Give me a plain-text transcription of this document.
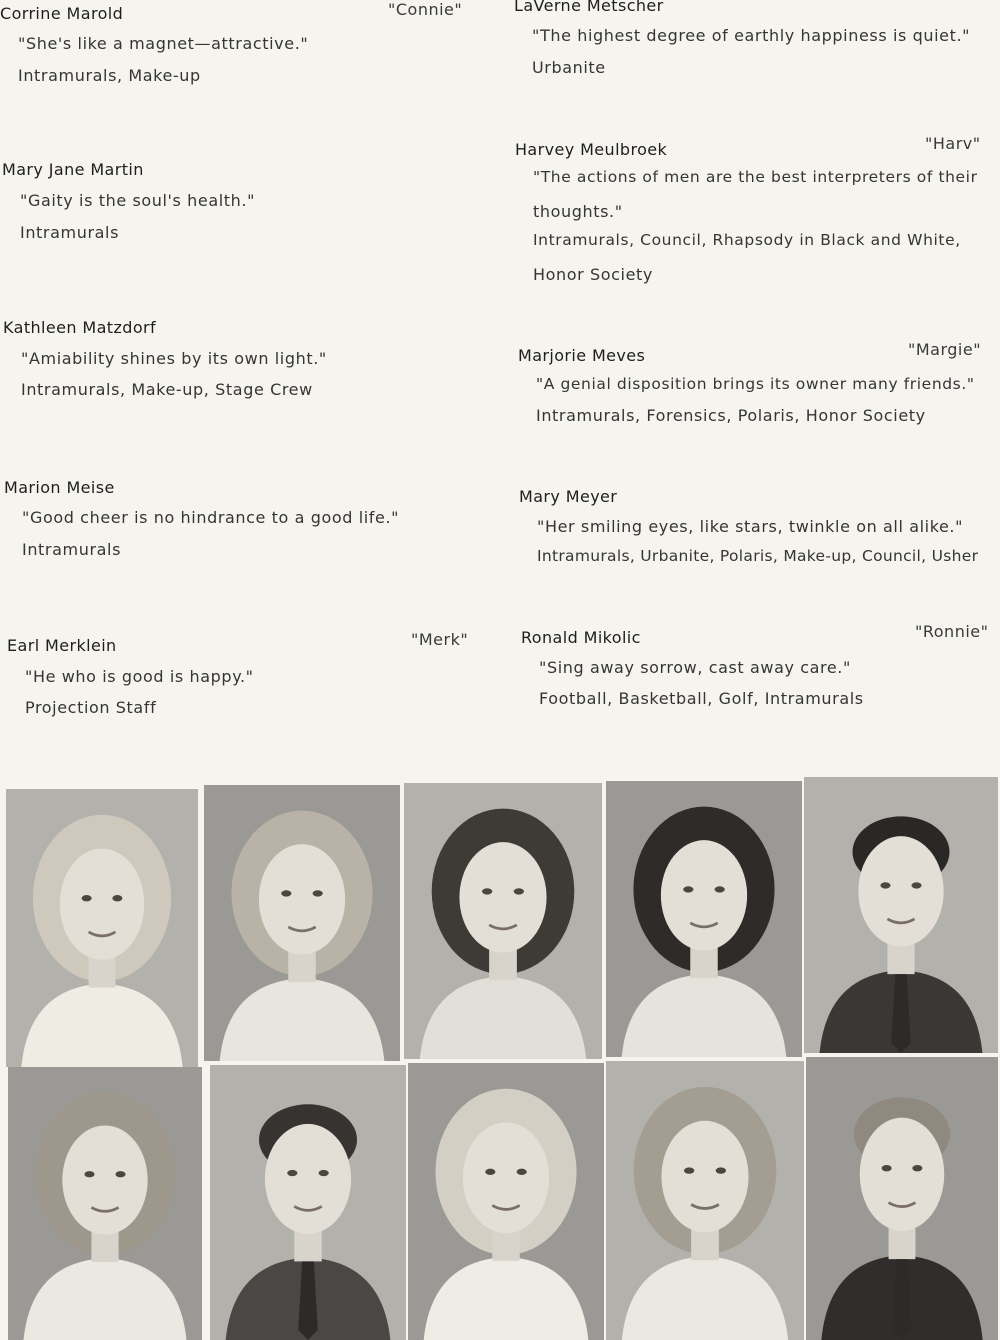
Corrine Marold	"Connie"
"She's like a magnet—attractive."
Intramurals, Make-up
Mary Jane Martin
"Gaity is the soul's health."
Intramurals
Kathleen Matzdorf
"Amiability shines by its own light."
Intramurals, Make-up, Stage Crew
Marion Meise
"Good cheer is no hindrance to a good life."
Intramurals
Earl Merklein	"Merk"
"He who is good is happy."
Projection Staff
LaVerne Metscher
"The highest degree of earthly happiness is quiet."
Urbanite
Harvey Meulbroek	"Harv"
"The actions of men are the best interpreters of their
thoughts."
Intramurals, Council, Rhapsody in Black and White,
Honor Society
Marjorie Meves	"Margie"
"A genial disposition brings its owner many friends."
Intramurals, Forensics, Polaris, Honor Society
Mary Meyer
"Her smiling eyes, like stars, twinkle on all alike."
Intramurals, Urbanite, Polaris, Make-up, Council, Usher
Ronald Mikolic	"Ronnie"
"Sing away sorrow, cast away care."
Football, Basketball, Golf, Intramurals
